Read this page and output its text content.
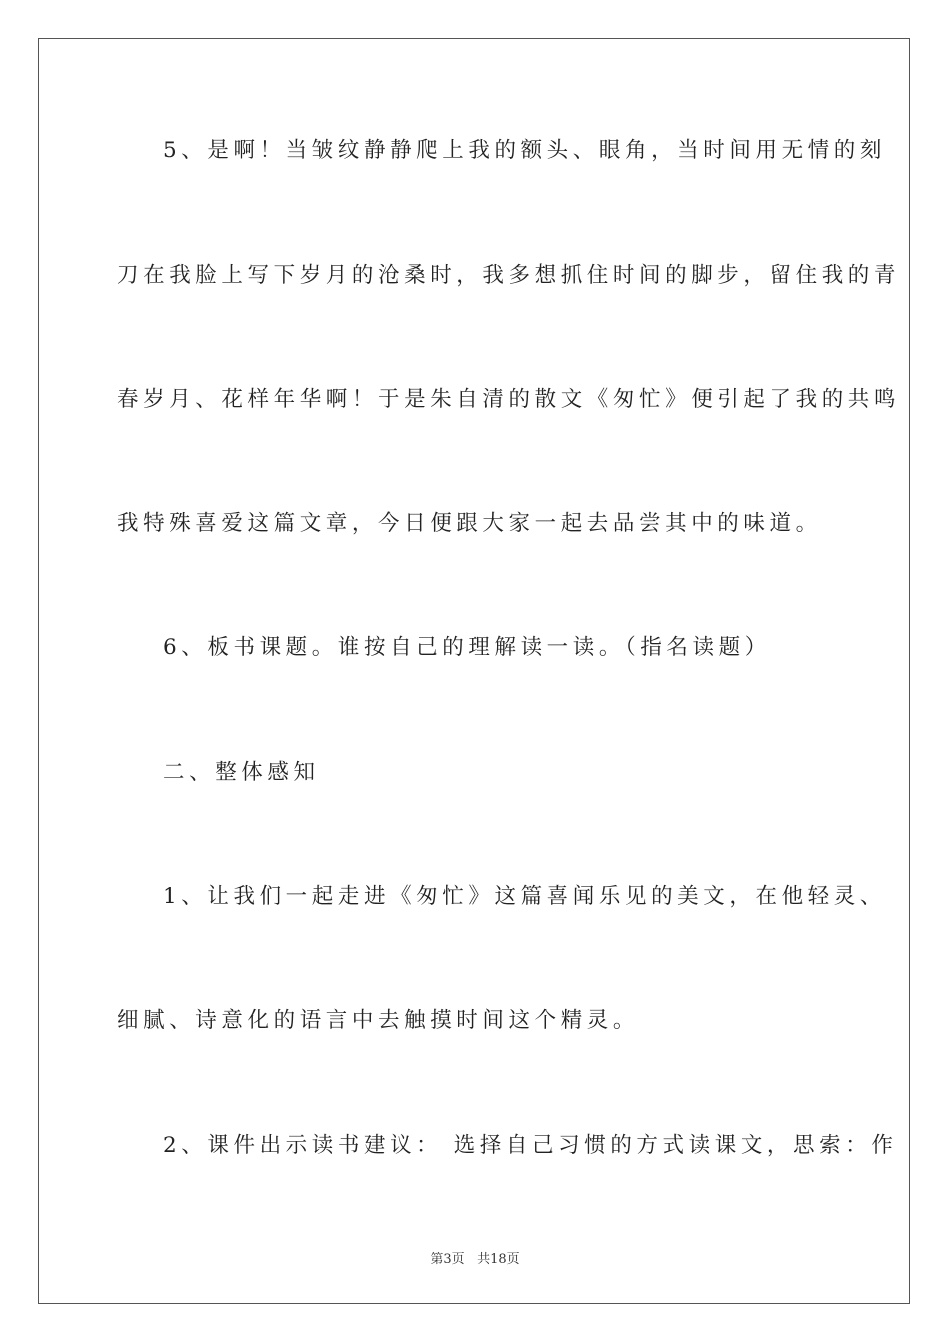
5、是啊！当皱纹静静爬上我的额头、眼角，当时间用无情的刻
刀在我脸上写下岁月的沧桑时，我多想抓住时间的脚步，留住我的青
春岁月、花样年华啊！于是朱自清的散文《匆忙》便引起了我的共鸣
我特殊喜爱这篇文章，今日便跟大家一起去品尝其中的味道。
6、板书课题。谁按自己的理解读一读。（指名读题）
二、整体感知
1、让我们一起走进《匆忙》这篇喜闻乐见的美文，在他轻灵、
细腻、诗意化的语言中去触摸时间这个精灵。
2、课件出示读书建议： 选择自己习惯的方式读课文，思索：作
第3页 共18页
